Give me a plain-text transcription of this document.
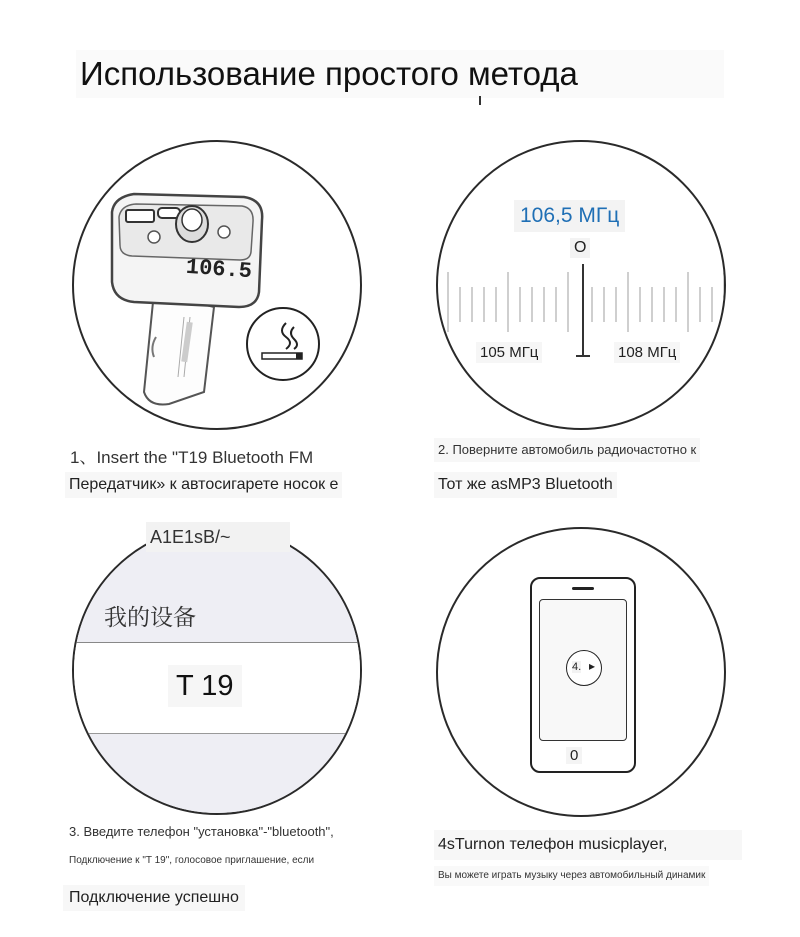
Использование простого метода
106.5
1、Insert the "T19 Bluetooth FM
Передатчик» к автосигарете носок е
106,5 МГц
O
105 МГц	108 МГц
2. Поверните автомобиль радиочастотно к
Тот же asMP3 Bluetooth
我的设备
T 19
A1E1sB/~
3. Введите телефон "установка"-"bluetooth",
Подключение к "T 19", голосовое приглашение, если
Подключение успешно
▸
4.
0
4sTurnon телефон musicplayer,
Вы можете играть музыку через автомобильный динамик
